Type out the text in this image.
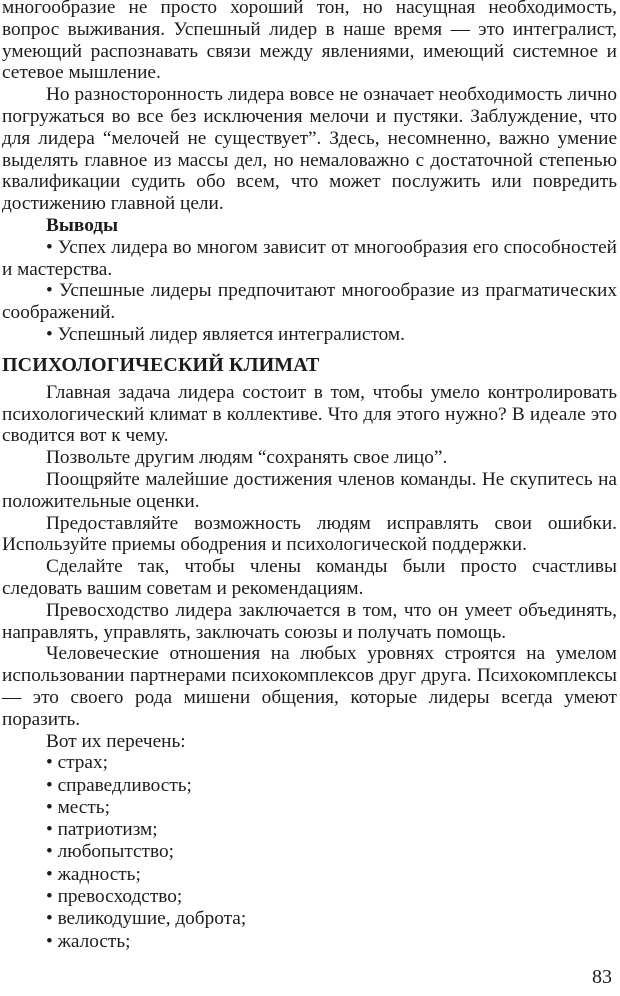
многообразие не просто хороший тон, но насущная необходимость, вопрос выживания. Успешный лидер в наше время — это интегралист, умеющий распознавать связи между явлениями, имеющий системное и сетевое мышление.

Но разносторонность лидера вовсе не означает необходимость лично погружаться во все без исключения мелочи и пустяки. Заблуждение, что для лидера “мелочей не существует”. Здесь, несомненно, важно умение выделять главное из массы дел, но немаловажно с достаточной степенью квалификации судить обо всем, что может послужить или повредить достижению главной цели.

Выводы

• Успех лидера во многом зависит от многообразия его способностей и мастерства.

• Успешные лидеры предпочитают многообразие из прагматических соображений.

• Успешный лидер является интегралистом.

ПСИХОЛОГИЧЕСКИЙ КЛИМАТ

Главная задача лидера состоит в том, чтобы умело контролировать психологический климат в коллективе. Что для этого нужно? В идеале это сводится вот к чему.

Позвольте другим людям “сохранять свое лицо”.

Поощряйте малейшие достижения членов команды. Не скупитесь на положительные оценки.

Предоставляйте возможность людям исправлять свои ошибки. Используйте приемы ободрения и психологической поддержки.

Сделайте так, чтобы члены команды были просто счастливы следовать вашим советам и рекомендациям.

Превосходство лидера заключается в том, что он умеет объединять, направлять, управлять, заключать союзы и получать помощь.

Человеческие отношения на любых уровнях строятся на умелом использовании партнерами психокомплексов друг друга. Психокомплексы — это своего рода мишени общения, которые лидеры всегда умеют поразить.

Вот их перечень:

• страх;
• справедливость;
• месть;
• патриотизм;
• любопытство;
• жадность;
• превосходство;
• великодушие, доброта;
• жалость;
83
